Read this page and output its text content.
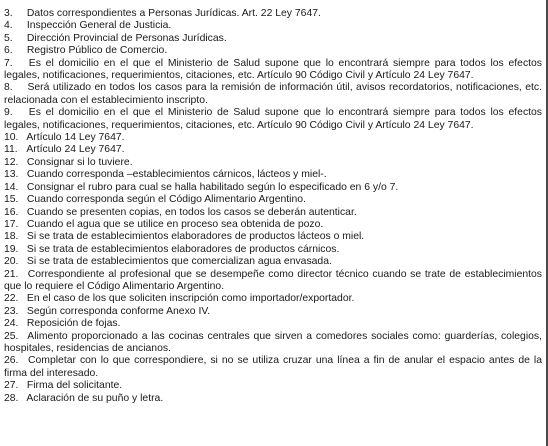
3. Datos correspondientes a Personas Jurídicas. Art. 22 Ley 7647.
4. Inspección General de Justicia.
5. Dirección Provincial de Personas Jurídicas.
6. Registro Público de Comercio.
7. Es el domicilio en el que el Ministerio de Salud supone que lo encontrará siempre para todos los efectos legales, notificaciones, requerimientos, citaciones, etc. Artículo 90 Código Civil y Artículo 24 Ley 7647.
8. Será utilizado en todos los casos para la remisión de información útil, avisos recordatorios, notificaciones, etc. relacionada con el establecimiento inscripto.
9. Es el domicilio en el que el Ministerio de Salud supone que lo encontrará siempre para todos los efectos legales, notificaciones, requerimientos, citaciones, etc. Artículo 90 Código Civil y Artículo 24 Ley 7647.
10. Artículo 14 Ley 7647.
11. Artículo 24 Ley 7647.
12. Consignar si lo tuviere.
13. Cuando corresponda –establecimientos cárnicos, lácteos y miel-.
14. Consignar el rubro para cual se halla habilitado según lo especificado en 6 y/o 7.
15. Cuando corresponda según el Código Alimentario Argentino.
16. Cuando se presenten copias, en todos los casos se deberán autenticar.
17. Cuando el agua que se utilice en proceso sea obtenida de pozo.
18. Si se trata de establecimientos elaboradores de productos lácteos o miel.
19. Si se trata de establecimientos elaboradores de productos cárnicos.
20. Si se trata de establecimientos que comercializan agua envasada.
21. Correspondiente al profesional que se desempeñe como director técnico cuando se trate de establecimientos que lo requiere el Código Alimentario Argentino.
22. En el caso de los que soliciten inscripción como importador/exportador.
23. Según corresponda conforme Anexo IV.
24. Reposición de fojas.
25. Alimento proporcionado a las cocinas centrales que sirven a comedores sociales como: guarderías, colegios, hospitales, residencias de ancianos.
26. Completar con lo que correspondiere, si no se utiliza cruzar una línea a fin de anular el espacio antes de la firma del interesado.
27. Firma del solicitante.
28. Aclaración de su puño y letra.
